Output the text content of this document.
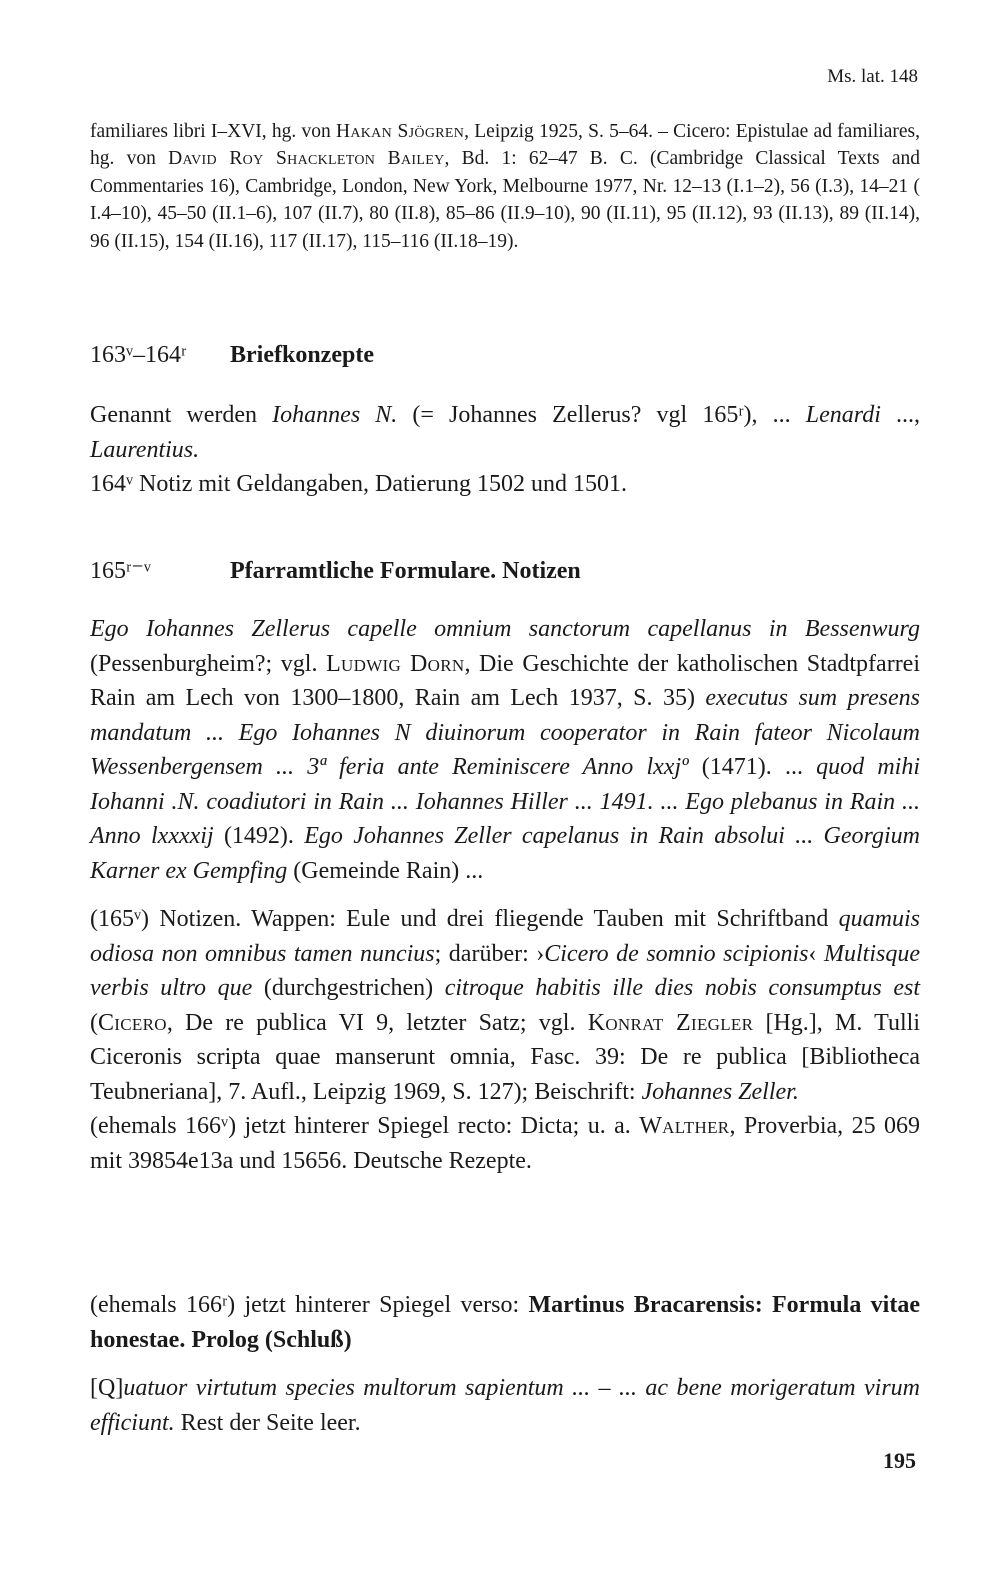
Ms. lat. 148
familiares libri I–XVI, hg. von Hakan Sjögren, Leipzig 1925, S. 5–64. – Cicero: Epistulae ad familiares, hg. von David Roy Shackleton Bailey, Bd. 1: 62–47 B. C. (Cambridge Classical Texts and Commentaries 16), Cambridge, London, New York, Melbourne 1977, Nr. 12–13 (I.1–2), 56 (I.3), 14–21 ( I.4–10), 45–50 (II.1–6), 107 (II.7), 80 (II.8), 85–86 (II.9–10), 90 (II.11), 95 (II.12), 93 (II.13), 89 (II.14), 96 (II.15), 154 (II.16), 117 (II.17), 115–116 (II.18–19).
163ᵛ–164ʳ Briefkonzepte

Genannt werden Iohannes N. (= Johannes Zellerus? vgl 165ʳ), ... Lenardi ..., Laurentius.

164ᵛ Notiz mit Geldangaben, Datierung 1502 und 1501.

165ʳ⁻ᵛ	Pfarramtliche Formulare. Notizen

Ego Iohannes Zellerus capelle omnium sanctorum capellanus in Bessenwurg (Pessenburgheim?; vgl. Ludwig Dorn, Die Geschichte der katholischen Stadtpfarrei Rain am Lech von 1300–1800, Rain am Lech 1937, S. 35) executus sum presens mandatum ... Ego Iohannes N diuinorum cooperator in Rain fateor Nicolaum Wessenbergensem ... 3ª feria ante Reminiscere Anno lxxjº (1471). ... quod mihi Iohanni .N. coadiutori in Rain ... Iohannes Hiller ... 1491. ... Ego plebanus in Rain ... Anno lxxxxij (1492). Ego Johannes Zeller capelanus in Rain absolui ... Georgium Karner ex Gempfing (Gemeinde Rain) ...

(165ᵛ) Notizen. Wappen: Eule und drei fliegende Tauben mit Schriftband quamuis odiosa non omnibus tamen nuncius; darüber: ›Cicero de somnio scipionis‹ Multisque verbis ultro que (durchgestrichen) citroque habitis ille dies nobis consumptus est (Cicero, De re publica VI 9, letzter Satz; vgl. Konrat Ziegler [Hg.], M. Tulli Ciceronis scripta quae manserunt omnia, Fasc. 39: De re publica [Bibliotheca Teubneriana], 7. Aufl., Leipzig 1969, S. 127); Beischrift: Johannes Zeller.

(ehemals 166ᵛ) jetzt hinterer Spiegel recto: Dicta; u. a. Walther, Proverbia, 25 069 mit 39854e13a und 15656. Deutsche Rezepte.

(ehemals 166ʳ) jetzt hinterer Spiegel verso: Martinus Bracarensis: Formula vitae honestae. Prolog (Schluß)

[Q]uatuor virtutum species multorum sapientum ... – ... ac bene morigeratum virum efficiunt. Rest der Seite leer.

195
